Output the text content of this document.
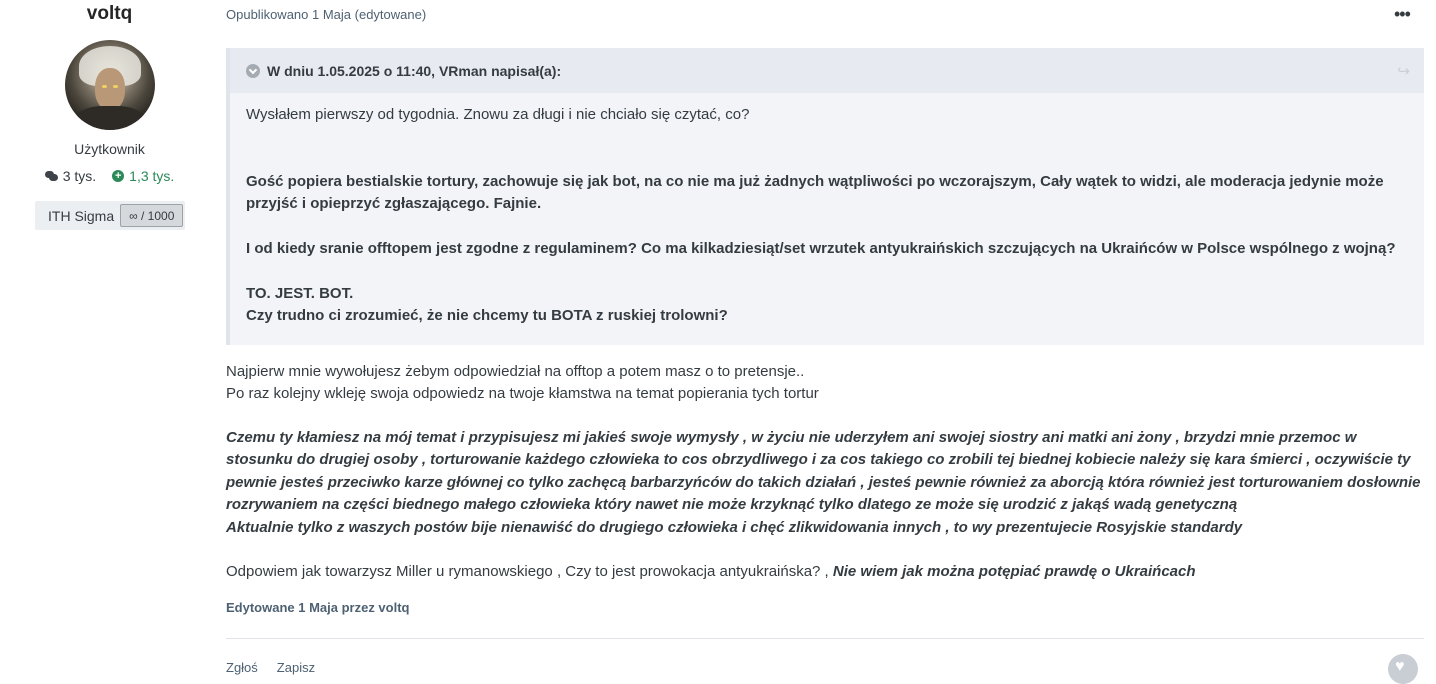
voltq
Użytkownik
3 tys. + 1,3 tys.
ITH Sigma	∞ / 1000
Opublikowano 1 Maja (edytowane)	•••
W dniu 1.05.2025 o 11:40, VRman napisał(a):	↪

Wysłałem pierwszy od tygodnia. Znowu za długi i nie chciało się czytać, co?

Gość popiera bestialskie tortury, zachowuje się jak bot, na co nie ma już żadnych wątpliwości po wczorajszym, Cały wątek to widzi, ale moderacja jedynie może przyjść i opieprzyć zgłaszającego. Fajnie.

I od kiedy sranie offtopem jest zgodne z regulaminem? Co ma kilkadziesiąt/set wrzutek antyukraińskich szczujących na Ukraińców w Polsce wspólnego z wojną?

TO. JEST. BOT.
Czy trudno ci zrozumieć, że nie chcemy tu BOTA z ruskiej trolowni?
Najpierw mnie wywołujesz żebym odpowiedział na offtop a potem masz o to pretensje..
Po raz kolejny wkleję swoja odpowiedz na twoje kłamstwa na temat popierania tych tortur
Czemu ty kłamiesz na mój temat i przypisujesz mi jakieś swoje wymysły , w życiu nie uderzyłem ani swojej siostry ani matki ani żony , brzydzi mnie przemoc w stosunku do drugiej osoby , torturowanie każdego człowieka to cos obrzydliwego i za cos takiego co zrobili tej biednej kobiecie należy się kara śmierci , oczywiście ty pewnie jesteś przeciwko karze głównej co tylko zachęcą barbarzyńców do takich działań , jesteś pewnie również za aborcją która również jest torturowaniem dosłownie rozrywaniem na części biednego małego człowieka który nawet nie może krzyknąć tylko dlatego ze może się urodzić z jakąś wadą genetyczną
Aktualnie tylko z waszych postów bije nienawiść do drugiego człowieka i chęć zlikwidowania innych , to wy prezentujecie Rosyjskie standardy
Odpowiem jak towarzysz Miller u rymanowskiego , Czy to jest prowokacja antyukraińska? , Nie wiem jak można potępiać prawdę o Ukraińcach
Edytowane 1 Maja przez voltq
Zgłoś Zapisz
♥
